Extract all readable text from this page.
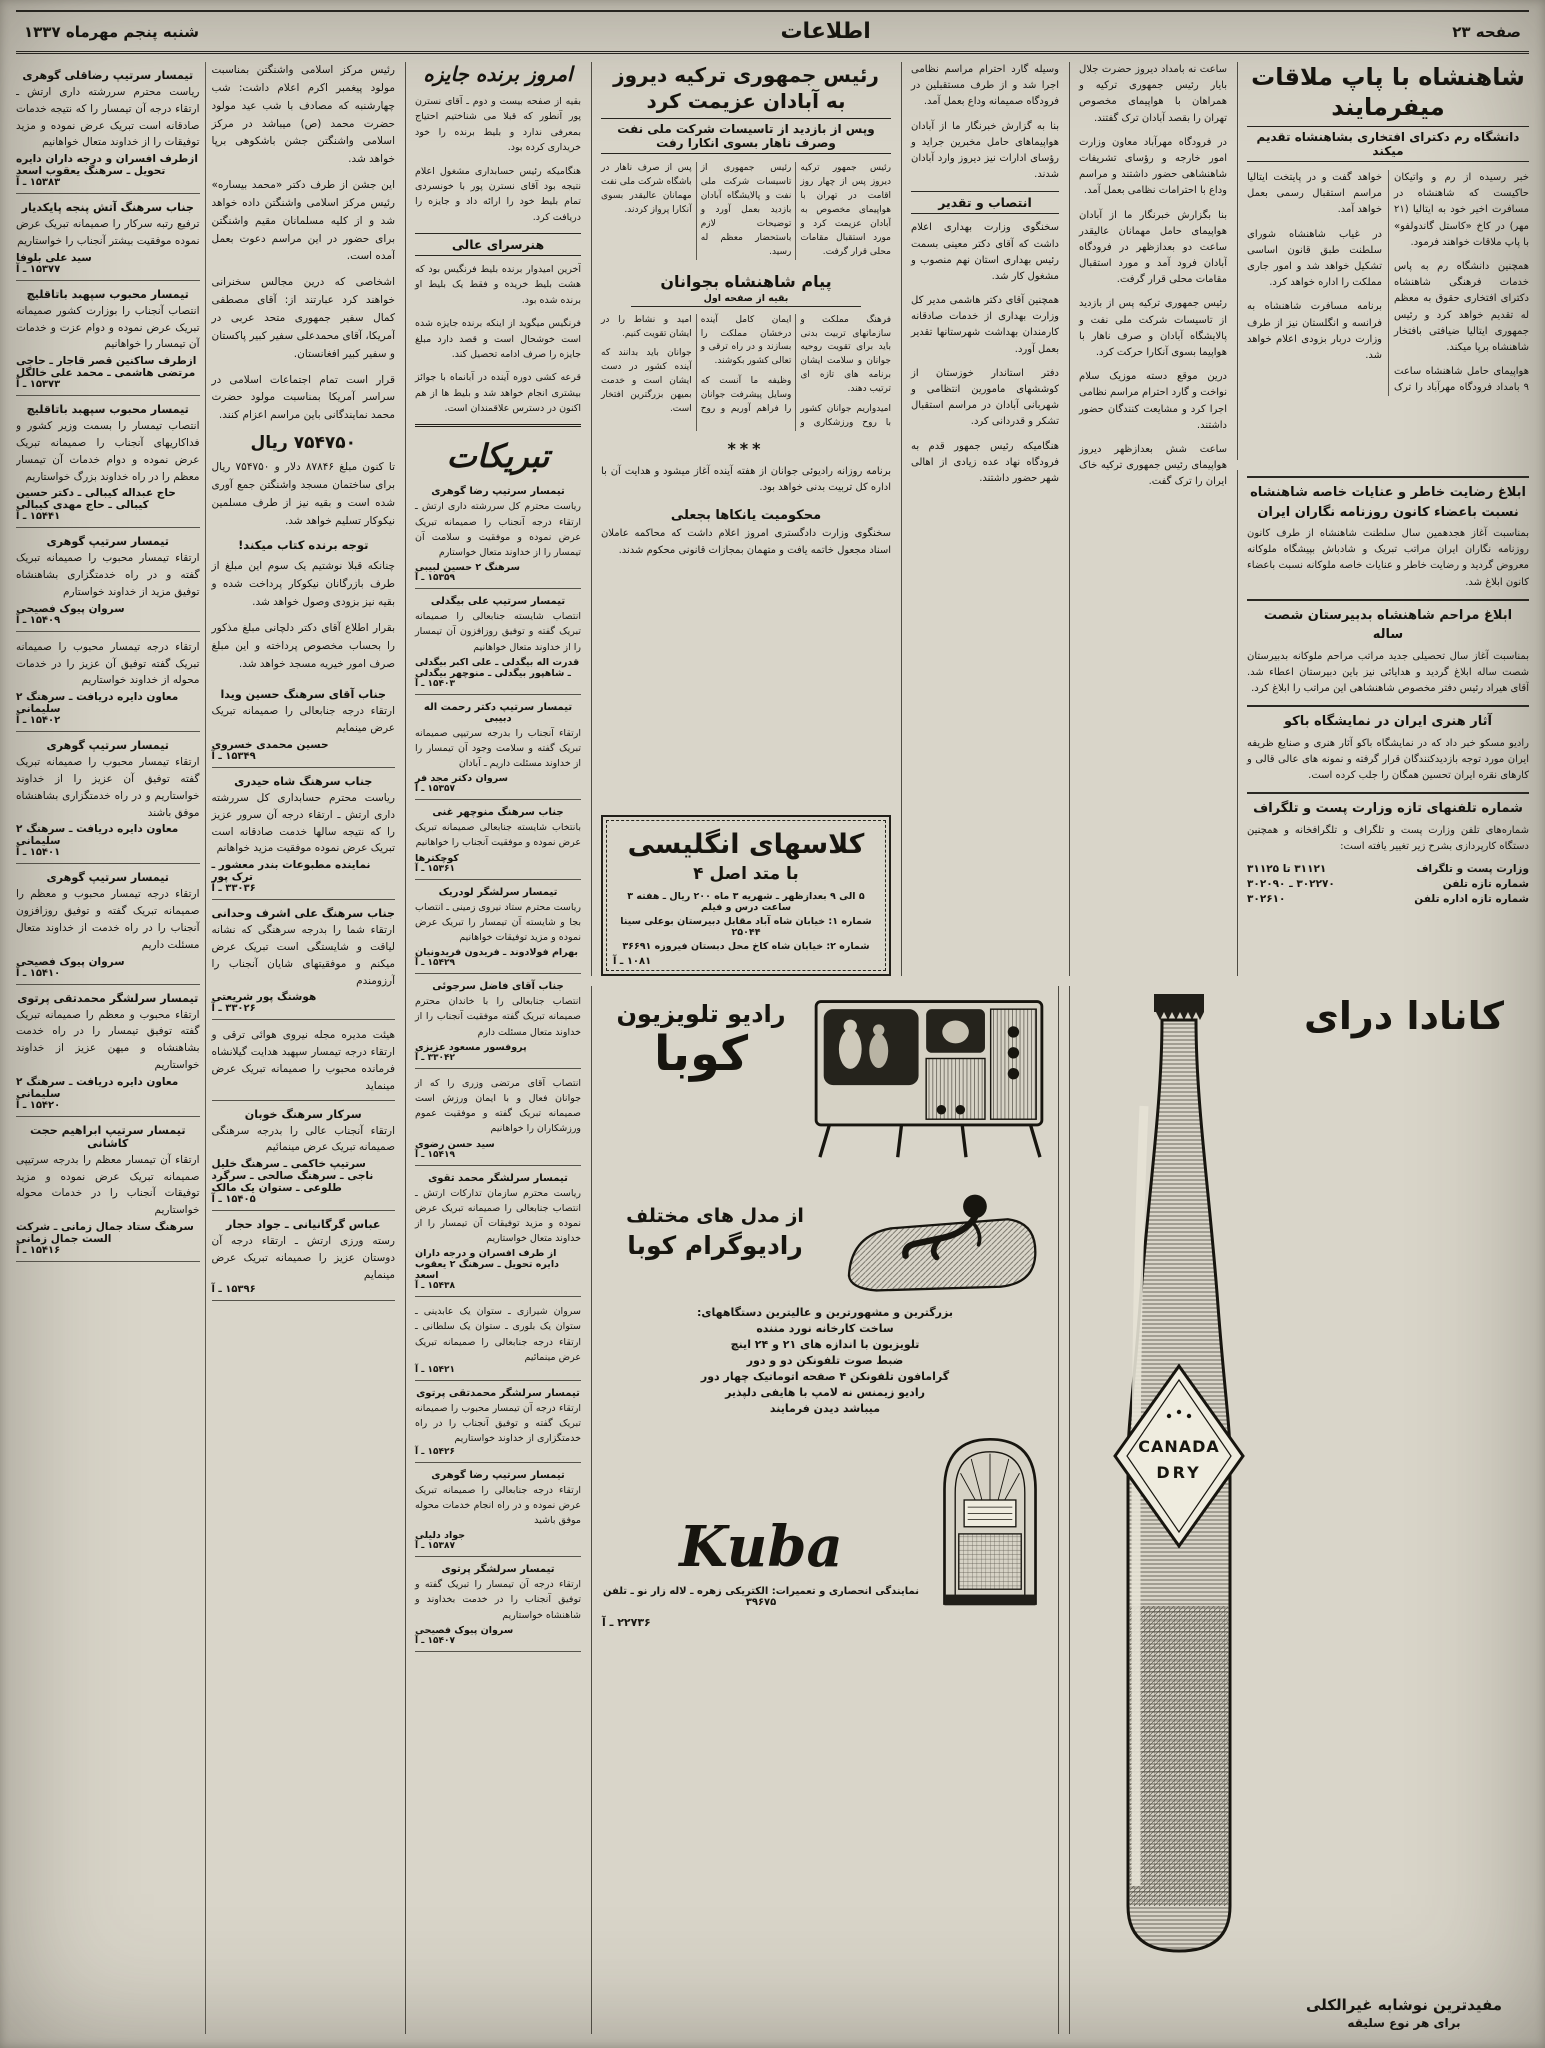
صفحه ۲۳
اطلاعات
شنبه پنجم مهرماه ۱۳۳۷
شاهنشاه با پاپ ملاقات میفرمایند

دانشگاه رم دکترای افتخاری بشاهنشاه تقدیم میکند

خبر رسیده از رم و واتیکان حاکیست که شاهنشاه در مسافرت اخیر خود به ایتالیا (۲۱ مهر) در کاخ «کاستل گاندولفو» با پاپ ملاقات خواهند فرمود.

همچنین دانشگاه رم به پاس خدمات فرهنگی شاهنشاه دکترای افتخاری حقوق به معظم له تقدیم خواهد کرد و رئیس جمهوری ایتالیا ضیافتی بافتخار شاهنشاه برپا میکند.

هواپیمای حامل شاهنشاه ساعت ۹ بامداد فرودگاه مهرآباد را ترک خواهد گفت و در پایتخت ایتالیا مراسم استقبال رسمی بعمل خواهد آمد.

در غیاب شاهنشاه شورای سلطنت طبق قانون اساسی تشکیل خواهد شد و امور جاری مملکت را اداره خواهد کرد.

برنامه مسافرت شاهنشاه به فرانسه و انگلستان نیز از طرف وزارت دربار بزودی اعلام خواهد شد.

ابلاغ رضایت خاطر و عنایات خاصه شاهنشاه نسبت باعضاء کانون روزنامه نگاران ایران

بمناسبت آغاز هجدهمین سال سلطنت شاهنشاه از طرف کانون روزنامه نگاران ایران مراتب تبریک و شادباش بپیشگاه ملوکانه معروض گردید و رضایت خاطر و عنایات خاصه ملوکانه نسبت باعضاء کانون ابلاغ شد.

ابلاغ مراحم شاهنشاه بدبیرستان شصت ساله

بمناسبت آغاز سال تحصیلی جدید مراتب مراحم ملوکانه بدبیرستان شصت ساله ابلاغ گردید و هدایائی نیز باین دبیرستان اعطاء شد. آقای هیراد رئیس دفتر مخصوص شاهنشاهی این مراتب را ابلاغ کرد.

آثار هنری ایران در نمایشگاه باکو

رادیو مسکو خبر داد که در نمایشگاه باکو آثار هنری و صنایع ظریفه ایران مورد توجه بازدیدکنندگان قرار گرفته و نمونه های عالی قالی و کارهای نقره ایران تحسین همگان را جلب کرده است.

شماره تلفنهای تازه وزارت پست و تلگراف

شماره‌های تلفن وزارت پست و تلگراف و تلگرافخانه و همچنین دستگاه کارپردازی بشرح زیر تغییر یافته است:

وزارت پست و تلگراف
۳۱۱۲۱ تا ۳۱۱۲۵

شماره تازه تلفن
۳۰۲۲۷۰ ـ ۳۰۲۰۹۰

شماره تازه اداره تلفن
۳۰۲۶۱۰

ساعت نه بامداد دیروز حضرت جلال بایار رئیس جمهوری ترکیه و همراهان با هواپیمای مخصوص تهران را بقصد آبادان ترک گفتند.

در فرودگاه مهرآباد معاون وزارت امور خارجه و رؤسای تشریفات شاهنشاهی حضور داشتند و مراسم وداع با احترامات نظامی بعمل آمد.

بنا بگزارش خبرنگار ما از آبادان هواپیمای حامل مهمانان عالیقدر ساعت دو بعدازظهر در فرودگاه آبادان فرود آمد و مورد استقبال مقامات محلی قرار گرفت.

رئیس جمهوری ترکیه پس از بازدید از تاسیسات شرکت ملی نفت و پالایشگاه آبادان و صرف ناهار با هواپیما بسوی آنکارا حرکت کرد.

درین موقع دسته موزیک سلام نواخت و گارد احترام مراسم نظامی اجرا کرد و مشایعت کنندگان حضور داشتند.

ساعت شش بعدازظهر دیروز هواپیمای رئیس جمهوری ترکیه خاک ایران را ترک گفت.

وسیله گارد احترام مراسم نظامی اجرا شد و از طرف مستقبلین در فرودگاه صمیمانه وداع بعمل آمد.

بنا به گزارش خبرنگار ما از آبادان هواپیماهای حامل مخبرین جراید و رؤسای ادارات نیز دیروز وارد آبادان شدند.

انتصاب و تقدیر

سخنگوی وزارت بهداری اعلام داشت که آقای دکتر معینی بسمت رئیس بهداری استان نهم منصوب و مشغول کار شد.

همچنین آقای دکتر هاشمی مدیر کل وزارت بهداری از خدمات صادقانه کارمندان بهداشت شهرستانها تقدیر بعمل آورد.

دفتر استاندار خوزستان از کوششهای مامورین انتظامی و شهربانی آبادان در مراسم استقبال تشکر و قدردانی کرد.

هنگامیکه رئیس جمهور قدم به فرودگاه نهاد عده زیادی از اهالی شهر حضور داشتند.

رئیس جمهوری ترکیه دیروز به آبادان عزیمت کرد

وپس از بازدید از تاسیسات شرکت ملی نفت وصرف ناهار بسوی انکارا رفت

رئیس جمهور ترکیه دیروز پس از چهار روز اقامت در تهران با هواپیمای مخصوص به آبادان عزیمت کرد و مورد استقبال مقامات محلی قرار گرفت.

رئیس جمهوری از تاسیسات شرکت ملی نفت و پالایشگاه آبادان بازدید بعمل آورد و توضیحات لازم باستحضار معظم له رسید.

پس از صرف ناهار در باشگاه شرکت ملی نفت مهمانان عالیقدر بسوی آنکارا پرواز کردند.

پیام شاهنشاه بجوانان

بقیه از صفحه اول

فرهنگ مملکت و سازمانهای تربیت بدنی باید برای تقویت روحیه جوانان و سلامت ایشان برنامه های تازه ای ترتیب دهند.

امیدواریم جوانان کشور با روح ورزشکاری و ایمان کامل آینده درخشان مملکت را بسازند و در راه ترقی و تعالی کشور بکوشند.

وظیفه ما آنست که وسایل پیشرفت جوانان را فراهم آوریم و روح امید و نشاط را در ایشان تقویت کنیم.

جوانان باید بدانند که آینده کشور در دست ایشان است و خدمت بمیهن بزرگترین افتخار است.

***

برنامه روزانه رادیوئی جوانان از هفته آینده آغاز میشود و هدایت آن با اداره کل تربیت بدنی خواهد بود.

محکومیت یانکاها بجعلی

سخنگوی وزارت دادگستری امروز اعلام داشت که محاکمه عاملان اسناد مجعول خاتمه یافت و متهمان بمجازات قانونی محکوم شدند.

کلاسهای انگلیسی
با متد اصل ۴

۵ الی ۹ بعدازظهر ـ شهریه ۳ ماه ۲۰۰ ریال ـ هفته ۳ ساعت درس و فیلم

شماره ۱: خیابان شاه آباد مقابل دبیرستان بوعلی سینا ۲۵۰۴۴

شماره ۲: خیابان شاه کاخ محل دبستان فیروزه ۳۶۶۹۱

۱۰۸۱ ـ آ
رادیو تلویزیون
کوبا
از مدل های مختلف
رادیوگرام کوبا

بزرگترین و مشهورترین و عالیترین دستگاههای:

ساخت کارخانه نورد مننده

تلویزیون با اندازه های ۲۱ و ۲۴ اینچ

ضبط صوت تلفونکن دو و دور

گرامافون تلفونکن ۴ صفحه اتوماتیک چهار دور

رادیو زیمنس نه لامپ با هایفی دلپذیر

میباشد دیدن فرمایند

Kuba

نمایندگی انحصاری و تعمیرات: الکتریکی زهره ـ لاله زار نو ـ تلفن ۳۹۶۷۵

۲۲۷۳۶ ـ آ
کانادا درای
مفیدترین نوشابه غیرالکلی
برای هر نوع سلیقه
CANADA
DRY
امروز برنده جایزه

بقیه از صفحه بیست و دوم ـ آقای نسترن پور آنطور که قبلا می شناختیم احتیاج بمعرفی ندارد و بلیط برنده را خود خریداری کرده بود.

هنگامیکه رئیس حسابداری مشغول اعلام نتیجه بود آقای نسترن پور با خونسردی تمام بلیط خود را ارائه داد و جایزه را دریافت کرد.

هنرسرای عالی

آخرین امیدوار برنده بلیط فرنگیس بود که هشت بلیط خریده و فقط یک بلیط او برنده شده بود.

فرنگیس میگوید از اینکه برنده جایزه شده است خوشحال است و قصد دارد مبلغ جایزه را صرف ادامه تحصیل کند.

قرعه کشی دوره آینده در آبانماه با جوائز بیشتری انجام خواهد شد و بلیط ها از هم اکنون در دسترس علاقمندان است.

تبریکات

تیمسار سرتیپ رضا گوهری

ریاست محترم کل سررشته داری ارتش ـ ارتقاء درجه آنجناب را صمیمانه تبریک عرض نموده و موفقیت و سلامت آن تیمسار را از خداوند متعال خواستارم

سرهنگ ۲ حسین لبیبی

۱۵۳۵۹ ـ آ

تیمسار سرتیپ علی بیگدلی

انتصاب شایسته جنابعالی را صمیمانه تبریک گفته و توفیق روزافزون آن تیمسار را از خداوند متعال خواهانیم

قدرت اله بیگدلی ـ علی اکبر بیگدلی ـ شاهپور بیگدلی ـ منوچهر بیگدلی

۱۵۴۰۳ ـ آ

تیمسار سرتیپ دکتر رحمت اله دبیبی

ارتقاء آنجناب را بدرجه سرتیپی صمیمانه تبریک گفته و سلامت وجود آن تیمسار را از خداوند مسئلت داریم ـ آبادان

سروان دکتر مجد فر

۱۵۳۵۷ ـ آ

جناب سرهنگ منوچهر غنی

بانتخاب شایسته جنابعالی صمیمانه تبریک عرض نموده و موفقیت آنجناب را خواهانیم

کوچکترها

۱۵۳۶۱ ـ آ

تیمسار سرلشگر لودریک

ریاست محترم ستاد نیروی زمینی ـ انتصاب بجا و شایسته آن تیمسار را تبریک عرض نموده و مزید توفیقات خواهانیم

بهرام فولادوند ـ فریدون فریدونیان

۱۵۴۲۹ ـ آ

جناب آقای فاضل سرجوئی

انتصاب جنابعالی را با خاندان محترم صمیمانه تبریک گفته موفقیت آنجناب را از خداوند متعال مسئلت دارم

پروفسور مسعود عزیزی

۳۳۰۴۲ ـ آ

انتصاب آقای مرتضی وزری را که از جوانان فعال و با ایمان ورزش است صمیمانه تبریک گفته و موفقیت عموم ورزشکاران را خواهانیم

سید حسن رضوی

۱۵۴۱۹ ـ آ

تیمسار سرلشگر محمد تقوی

ریاست محترم سازمان تدارکات ارتش ـ انتصاب جنابعالی را صمیمانه تبریک عرض نموده و مزید توفیقات آن تیمسار را از خداوند متعال خواستاریم

از طرف افسران و درجه داران دایره تحویل ـ سرهنگ ۲ یعقوب اسعد

۱۵۴۳۸ ـ آ

سروان شیرازی ـ ستوان یک عابدینی ـ ستوان یک بلوری ـ ستوان یک سلطانی ـ ارتقاء درجه جنابعالی را صمیمانه تبریک عرض مینمائیم

۱۵۴۲۱ ـ آ

تیمسار سرلشگر محمدتقی پرتوی

ارتقاء درجه آن تیمسار محبوب را صمیمانه تبریک گفته و توفیق آنجناب را در راه خدمتگزاری از خداوند خواستاریم

۱۵۴۲۶ ـ آ

تیمسار سرتیپ رضا گوهری

ارتقاء درجه جنابعالی را صمیمانه تبریک عرض نموده و در راه انجام خدمات محوله موفق باشید

جواد دلیلی

۱۵۳۸۷ ـ آ

تیمسار سرلشگر پرتوی

ارتقاء درجه آن تیمسار را تبریک گفته و توفیق آنجناب را در خدمت بخداوند و شاهنشاه خواستاریم

سروان پیوک فصیحی

۱۵۴۰۷ ـ آ

رئیس مرکز اسلامی واشنگتن بمناسبت مولود پیغمبر اکرم اعلام داشت: شب چهارشنبه که مصادف با شب عید مولود حضرت محمد (ص) میباشد در مرکز اسلامی واشنگتن جشن باشکوهی برپا خواهد شد.

این جشن از طرف دکتر «محمد بیساره» رئیس مرکز اسلامی واشنگتن داده خواهد شد و از کلیه مسلمانان مقیم واشنگتن برای حضور در این مراسم دعوت بعمل آمده است.

اشخاصی که درین مجالس سخنرانی خواهند کرد عبارتند از: آقای مصطفی کمال سفیر جمهوری متحد عربی در آمریکا، آقای محمدعلی سفیر کبیر پاکستان و سفیر کبیر افغانستان.

قرار است تمام اجتماعات اسلامی در سراسر آمریکا بمناسبت مولود حضرت محمد نمایندگانی باین مراسم اعزام کنند.

۷۵۴۷۵۰ ریال

تا کنون مبلغ ۸۷۸۴۶ دلار و ۷۵۴۷۵۰ ریال برای ساختمان مسجد واشنگتن جمع آوری شده است و بقیه نیز از طرف مسلمین نیکوکار تسلیم خواهد شد.

توجه برنده کتاب میکند!

چنانکه قبلا نوشتیم یک سوم این مبلغ از طرف بازرگانان نیکوکار پرداخت شده و بقیه نیز بزودی وصول خواهد شد.

بقرار اطلاع آقای دکتر دلچانی مبلغ مذکور را بحساب مخصوص پرداخته و این مبلغ صرف امور خیریه مسجد خواهد شد.

جناب آقای سرهنگ حسین ویدا

ارتقاء درجه جنابعالی را صمیمانه تبریک عرض مینمایم

حسین محمدی خسروی

۱۵۳۴۹ ـ آ

جناب سرهنگ شاه حیدری

ریاست محترم حسابداری کل سررشته داری ارتش ـ ارتقاء درجه آن سرور عزیز را که نتیجه سالها خدمت صادقانه است تبریک عرض نموده موفقیت مزید خواهانم

نماینده مطبوعات بندر معشور ـ ترک پور

۳۳۰۳۶ ـ آ

جناب سرهنگ علی اشرف وحدانی

ارتقاء شما را بدرجه سرهنگی که نشانه لیاقت و شایستگی است تبریک عرض میکنم و موفقیتهای شایان آنجناب را آرزومندم

هوشنگ پور شریعتی

۳۳۰۲۶ ـ آ

هیئت مدیره مجله نیروی هوائی ترقی و ارتقاء درجه تیمسار سپهبد هدایت گیلانشاه فرمانده محبوب را صمیمانه تبریک عرض مینماید

سرکار سرهنگ خوبان

ارتقاء آنجناب عالی را بدرجه سرهنگی صمیمانه تبریک عرض مینمائیم

سرتیپ خاکمی ـ سرهنگ خلیل ناجی ـ سرهنگ صالحی ـ سرگرد طلوعی ـ ستوان یک مالک

۱۵۴۰۵ ـ آ

عباس گرگانیانی ـ جواد حجار

رسته ورزی ارتش ـ ارتقاء درجه آن دوستان عزیز را صمیمانه تبریک عرض مینمایم

۱۵۳۹۶ ـ آ

تیمسار سرتیپ رضاقلی گوهری

ریاست محترم سررشته داری ارتش ـ ارتقاء درجه آن تیمسار را که نتیجه خدمات صادقانه است تبریک عرض نموده و مزید توفیقات را از خداوند متعال خواهانیم

ازطرف افسران و درجه داران دایره تحویل ـ سرهنگ یعقوب اسعد

۱۵۳۸۳ ـ آ

جناب سرهنگ آتش پنجه پایکدیار

ترفیع رتبه سرکار را صمیمانه تبریک عرض نموده موفقیت بیشتر آنجناب را خواستاریم

سید علی بلوفا

۱۵۳۷۷ ـ آ

تیمسار محبوب سپهبد باتاقلیچ

انتصاب آنجناب را بوزارت کشور صمیمانه تبریک عرض نموده و دوام عزت و خدمات آن تیمسار را خواهانیم

ازطرف ساکنین قصر قاجار ـ حاجی مرتضی هاشمی ـ محمد علی خالگل

۱۵۳۷۳ ـ آ

تیمسار محبوب سپهبد باتاقلیچ

انتصاب تیمسار را بسمت وزیر کشور و فداکاریهای آنجناب را صمیمانه تبریک عرض نموده و دوام خدمات آن تیمسار معظم را در راه خداوند بزرگ خواستاریم

حاج عبداله کیبالی ـ دکتر حسین کیبالی ـ حاج مهدی کیبالی

۱۵۴۴۱ ـ آ

تیمسار سرتیپ گوهری

ارتقاء تیمسار محبوب را صمیمانه تبریک گفته و در راه خدمتگزاری بشاهنشاه توفیق مزید از خداوند خواستارم

سروان پیوک فصیحی

۱۵۴۰۹ ـ آ

ارتقاء درجه تیمسار محبوب را صمیمانه تبریک گفته توفیق آن عزیز را در خدمات محوله از خداوند خواستاریم

معاون دایره دریافت ـ سرهنگ ۲ سلیمانی

۱۵۴۰۲ ـ آ

تیمسار سرتیپ گوهری

ارتقاء تیمسار محبوب را صمیمانه تبریک گفته توفیق آن عزیز را از خداوند خواستاریم و در راه خدمتگزاری بشاهنشاه موفق باشند

معاون دایره دریافت ـ سرهنگ ۲ سلیمانی

۱۵۴۰۱ ـ آ

تیمسار سرتیپ گوهری

ارتقاء درجه تیمسار محبوب و معظم را صمیمانه تبریک گفته و توفیق روزافزون آنجناب را در راه خدمت از خداوند متعال مسئلت داریم

سروان پیوک فصیحی

۱۵۴۱۰ ـ آ

تیمسار سرلشگر محمدتقی پرتوی

ارتقاء محبوب و معظم را صمیمانه تبریک گفته توفیق تیمسار را در راه خدمت بشاهنشاه و میهن عزیز از خداوند خواستاریم

معاون دایره دریافت ـ سرهنگ ۲ سلیمانی

۱۵۴۲۰ ـ آ

تیمسار سرتیپ ابراهیم حجت کاشانی

ارتقاء آن تیمسار معظم را بدرجه سرتیپی صمیمانه تبریک عرض نموده و مزید توفیقات آنجناب را در خدمات محوله خواستاریم

سرهنگ ستاد جمال زمانی ـ شرکت الست جمال زمانی

۱۵۴۱۶ ـ آ
